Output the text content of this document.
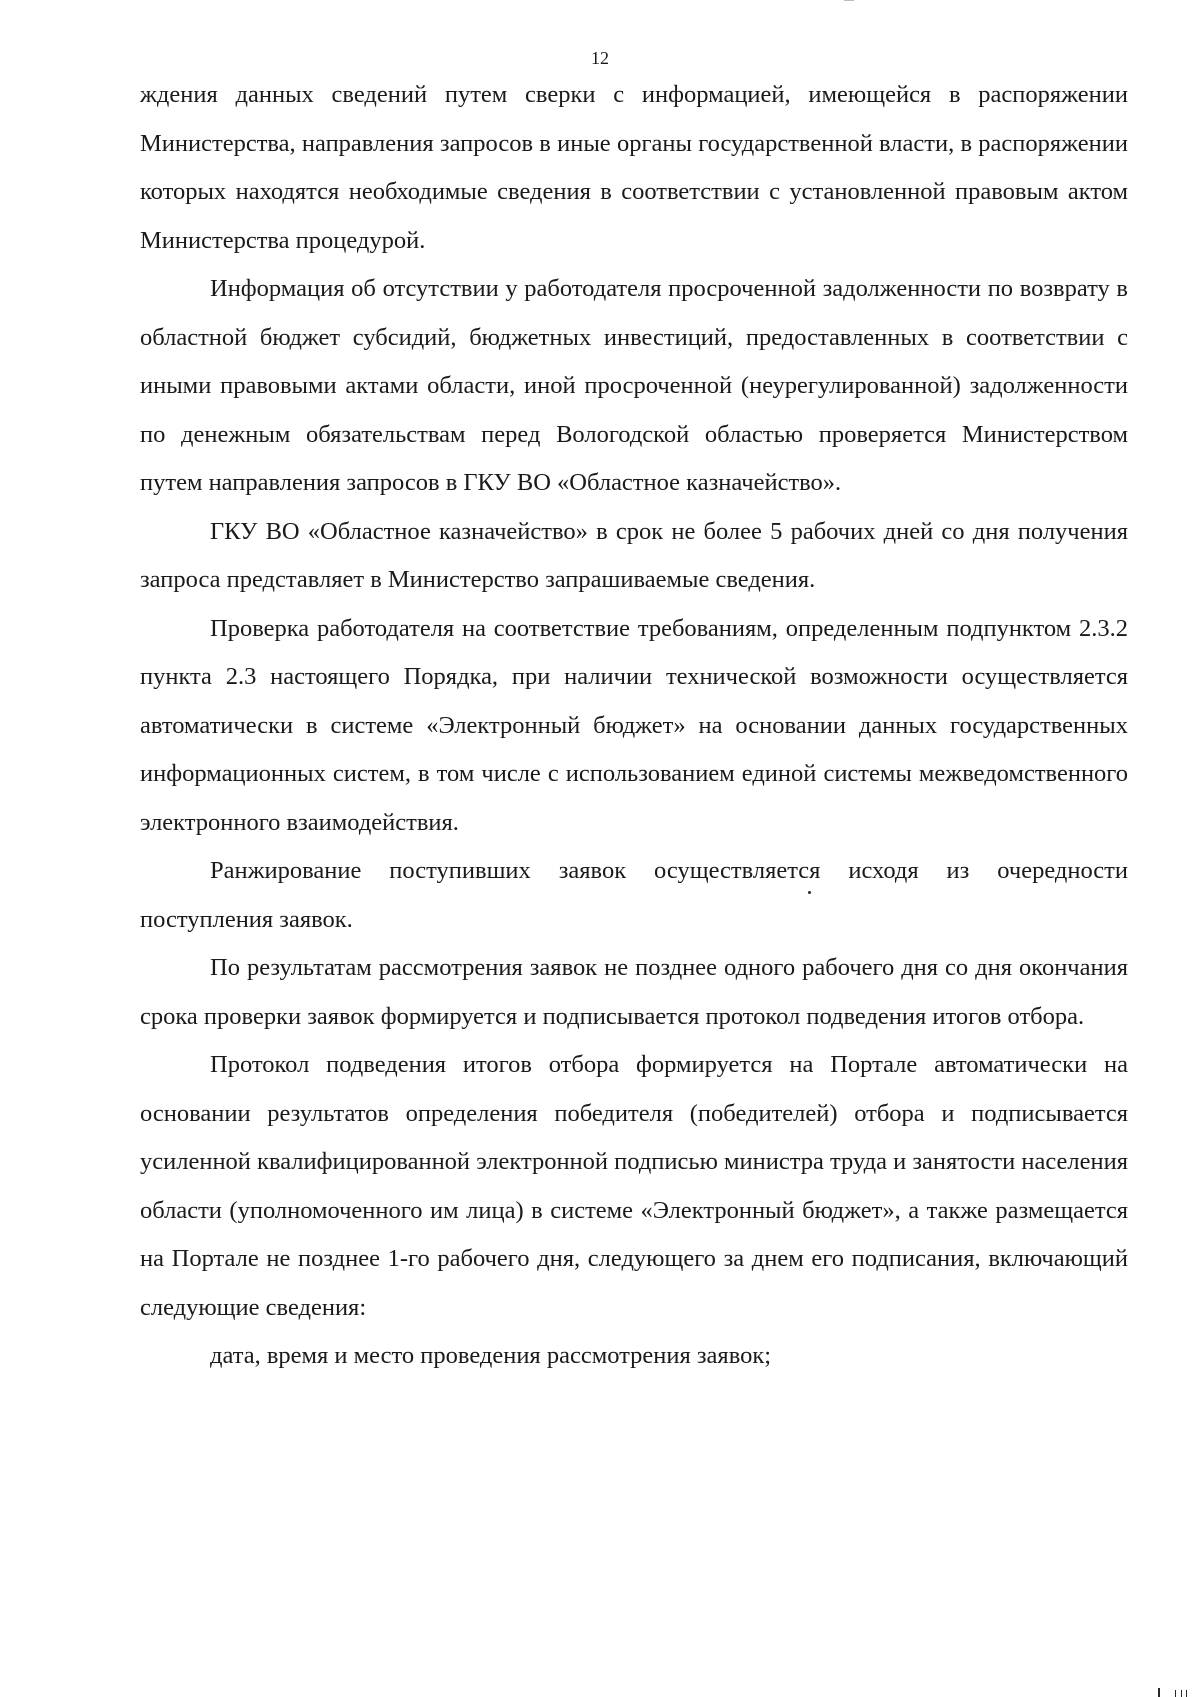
12

ждения данных сведений путем сверки с информацией, имеющейся в распоряжении Министерства, направления запросов в иные органы государственной власти, в распоряжении которых находятся необходимые сведения в соответствии с установленной правовым актом Министерства процедурой.

Информация об отсутствии у работодателя просроченной задолженности по возврату в областной бюджет субсидий, бюджетных инвестиций, предоставленных в соответствии с иными правовыми актами области, иной просроченной (неурегулированной) задолженности по денежным обязательствам перед Вологодской областью проверяется Министерством путем направления запросов в ГКУ ВО «Областное казначейство».

ГКУ ВО «Областное казначейство» в срок не более 5 рабочих дней со дня получения запроса представляет в Министерство запрашиваемые сведения.

Проверка работодателя на соответствие требованиям, определенным подпунктом 2.3.2 пункта 2.3 настоящего Порядка, при наличии технической возможности осуществляется автоматически в системе «Электронный бюджет» на основании данных государственных информационных систем, в том числе с использованием единой системы межведомственного электронного взаимодействия.

Ранжирование поступивших заявок осуществляется исходя из очередности поступления заявок.

По результатам рассмотрения заявок не позднее одного рабочего дня со дня окончания срока проверки заявок формируется и подписывается протокол подведения итогов отбора.

Протокол подведения итогов отбора формируется на Портале автоматически на основании результатов определения победителя (победителей) отбора и подписывается усиленной квалифицированной электронной подписью министра труда и занятости населения области (уполномоченного им лица) в системе «Электронный бюджет», а также размещается на Портале не позднее 1-го рабочего дня, следующего за днем его подписания, включающий следующие сведения:

дата, время и место проведения рассмотрения заявок;
